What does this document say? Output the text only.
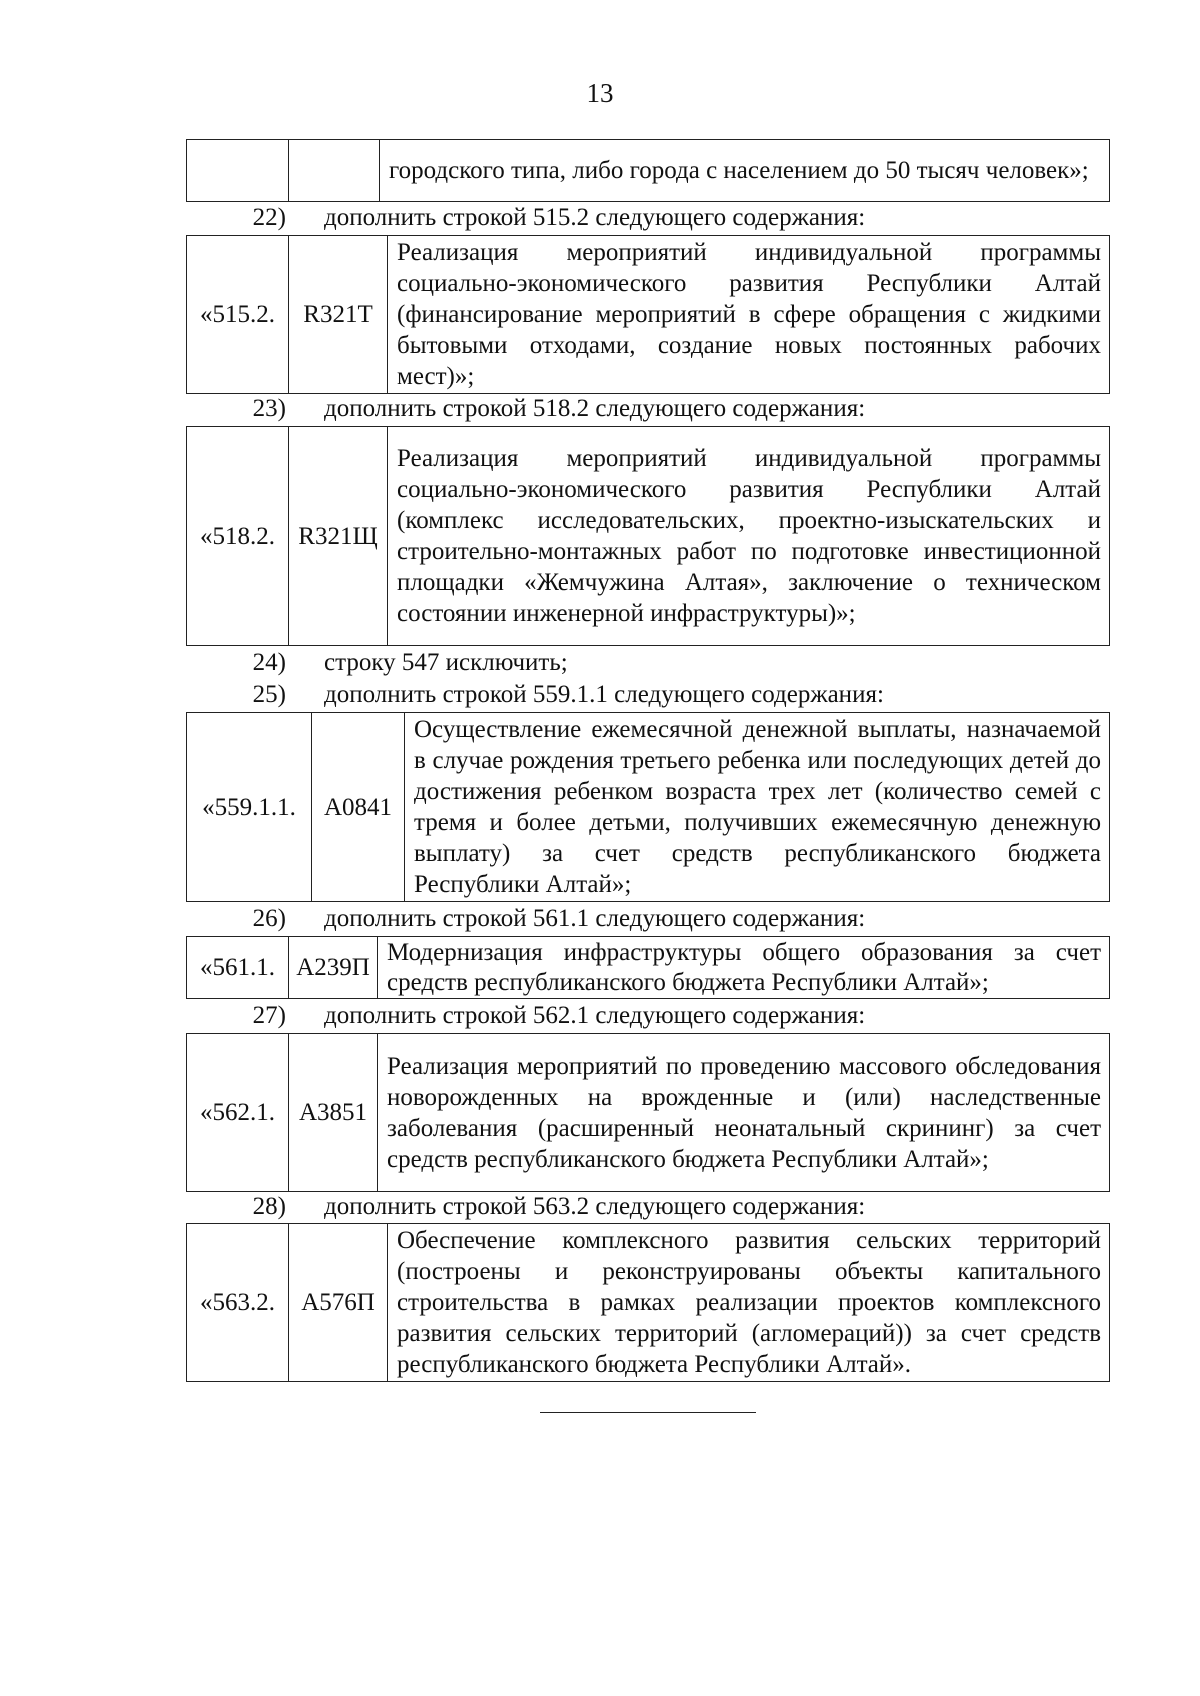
13
		городского типа, либо города с населением до 50 тысяч человек»;
22) дополнить строкой 515.2 следующего содержания:
«515.2.	R321T	Реализация мероприятий индивидуальной программы социально-экономического развития Республики Алтай (финансирование мероприятий в сфере обращения с жидкими бытовыми отходами, создание новых постоянных рабочих мест)»;
23) дополнить строкой 518.2 следующего содержания:
«518.2.	R321Щ	Реализация мероприятий индивидуальной программы социально-экономического развития Республики Алтай (комплекс исследовательских, проектно-изыскательских и строительно-монтажных работ по подготовке инвестиционной площадки «Жемчужина Алтая», заключение о техническом состоянии инженерной инфраструктуры)»;
24) строку 547 исключить;
25) дополнить строкой 559.1.1 следующего содержания:
«559.1.1.	A0841	Осуществление ежемесячной денежной выплаты, назначаемой в случае рождения третьего ребенка или последующих детей до достижения ребенком возраста трех лет (количество семей с тремя и более детьми, получивших ежемесячную денежную выплату) за счет средств республиканского бюджета Республики Алтай»;
26) дополнить строкой 561.1 следующего содержания:
«561.1.	A239П	Модернизация инфраструктуры общего образования за счет средств республиканского бюджета Республики Алтай»;
27) дополнить строкой 562.1 следующего содержания:
«562.1.	A3851	Реализация мероприятий по проведению массового обследования новорожденных на врожденные и (или) наследственные заболевания (расширенный неонатальный скрининг) за счет средств республиканского бюджета Республики Алтай»;
28) дополнить строкой 563.2 следующего содержания:
«563.2.	A576П	Обеспечение комплексного развития сельских территорий (построены и реконструированы объекты капитального строительства в рамках реализации проектов комплексного развития сельских территорий (агломераций)) за счет средств республиканского бюджета Республики Алтай».
